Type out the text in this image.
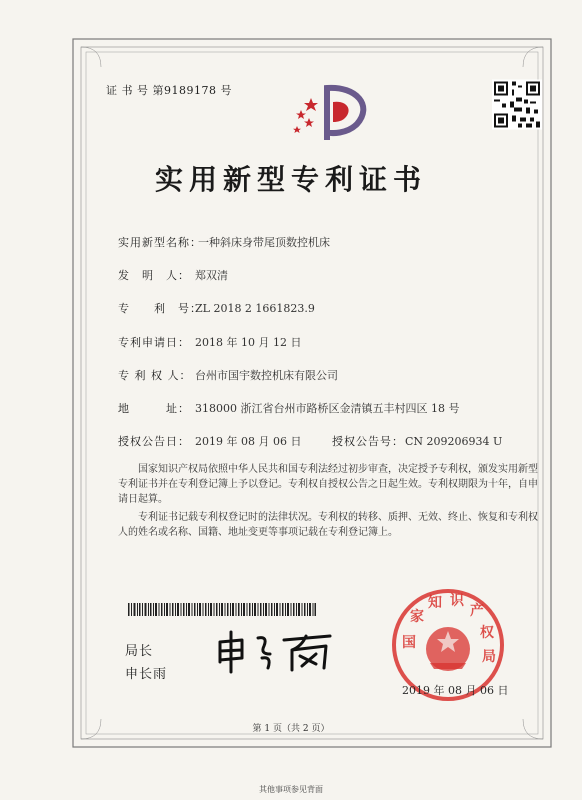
证 书 号 第9189178 号
实用新型专利证书
实用新型名称：
一种斜床身带尾顶数控机床
发　明　人： 郑双清
专　　利　号：
ZL 2018 2 1661823.9
专利申请日： 2018 年 10 月 12 日
专 利 权 人： 台州市国宇数控机床有限公司
地　　　址： 318000 浙江省台州市路桥区金清镇五丰村四区 18 号
授权公告日： 2019 年 08 月 06 日	授权公告号： CN 209206934 U
国家知识产权局依照中华人民共和国专利法经过初步审查，决定授予专利权，颁发实用新型专利证书并在专利登记簿上予以登记。专利权自授权公告之日起生效。专利权期限为十年，自申请日起算。
专利证书记载专利权登记时的法律状况。专利权的转移、质押、无效、终止、恢复和专利权人的姓名或名称、国籍、地址变更等事项记载在专利登记簿上。
局长
申长雨
国
家
知 识
产
权
局
2019 年 08 月 06 日
第 1 页（共 2 页）
其他事项参见背面
